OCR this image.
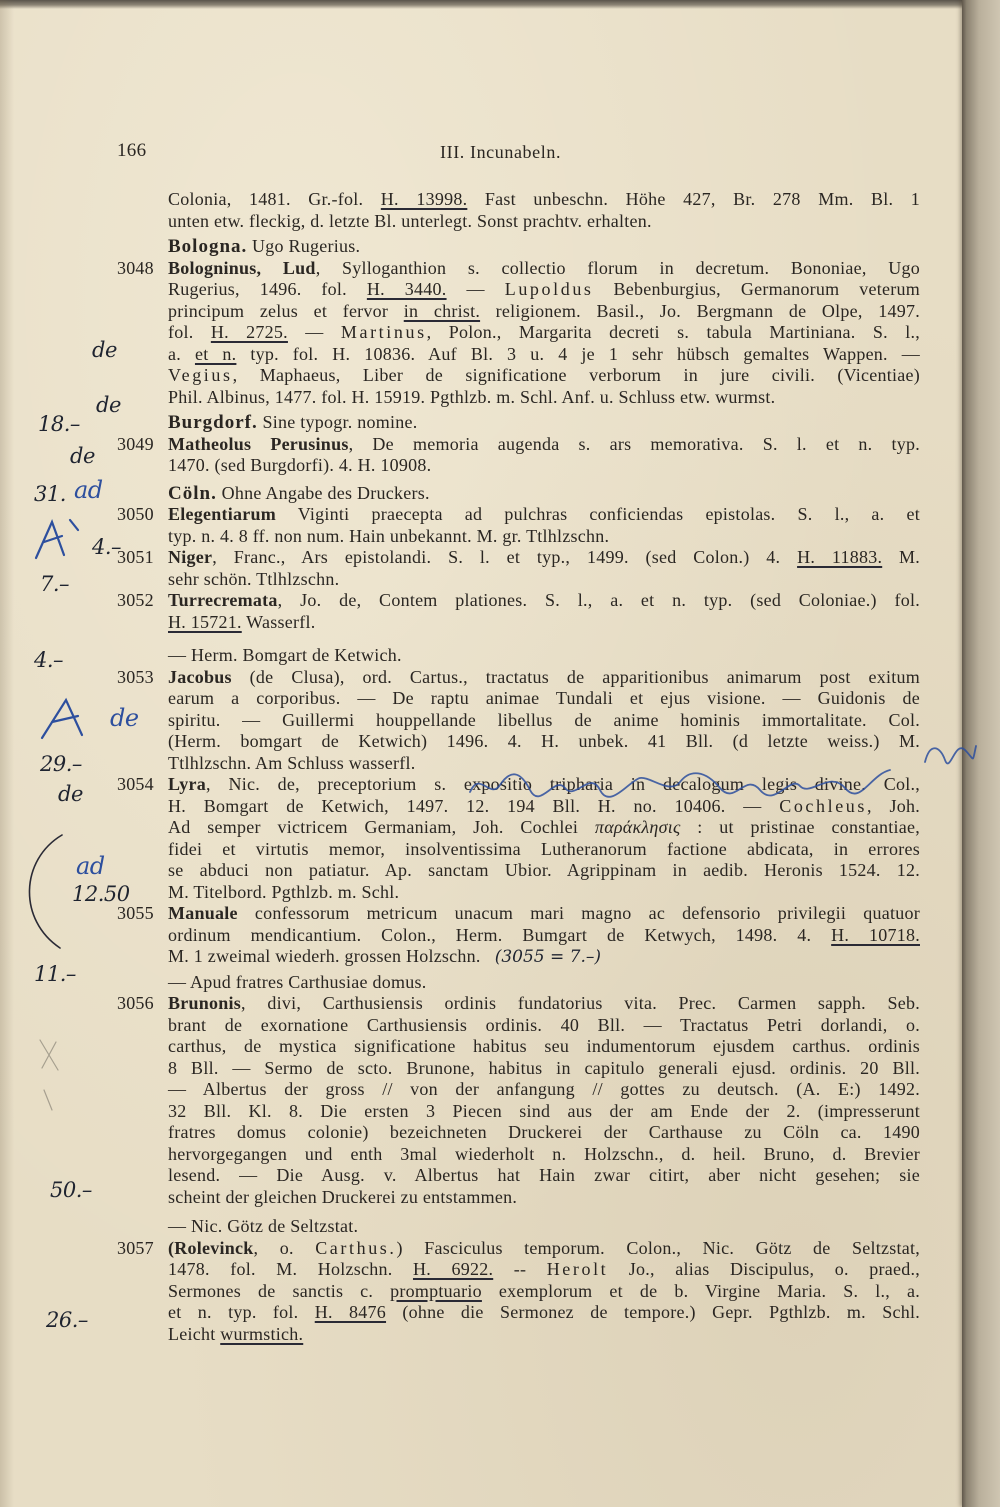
166	III. Incunabeln.
Colonia, 1481. Gr.-fol. H. 13998. Fast unbeschn. Höhe 427, Br. 278 Mm. Bl. 1
unten etw. fleckig, d. letzte Bl. unterlegt. Sonst prachtv. erhalten.
Bologna. Ugo Rugerius.
3048 Bologninus, Lud, Sylloganthion s. collectio florum in decretum. Bononiae, Ugo
Rugerius, 1496. fol. H. 3440. — Lupoldus Bebenburgius, Germanorum veterum
principum zelus et fervor in christ. religionem. Basil., Jo. Bergmann de Olpe, 1497.
fol. H. 2725. — Martinus, Polon., Margarita decreti s. tabula Martiniana. S. l.,
a. et n. typ. fol. H. 10836. Auf Bl. 3 u. 4 je 1 sehr hübsch gemaltes Wappen. —
Vegius, Maphaeus, Liber de significatione verborum in jure civili. (Vicentiae)
Phil. Albinus, 1477. fol. H. 15919. Pgthlzb. m. Schl. Anf. u. Schluss etw. wurmst.
Burgdorf. Sine typogr. nomine.
3049 Matheolus Perusinus, De memoria augenda s. ars memorativa. S. l. et n. typ.
1470. (sed Burgdorfi). 4. H. 10908.
Cöln. Ohne Angabe des Druckers.
3050 Elegentiarum Viginti praecepta ad pulchras conficiendas epistolas. S. l., a. et
typ. n. 4. 8 ff. non num. Hain unbekannt. M. gr. Ttlhlzschn.
3051 Niger, Franc., Ars epistolandi. S. l. et typ., 1499. (sed Colon.) 4. H. 11883. M.
sehr schön. Ttlhlzschn.
3052 Turrecremata, Jo. de, Contem plationes. S. l., a. et n. typ. (sed Coloniae.) fol.
H. 15721. Wasserfl.
— Herm. Bomgart de Ketwich.
3053 Jacobus (de Clusa), ord. Cartus., tractatus de apparitionibus animarum post exitum
earum a corporibus. — De raptu animae Tundali et ejus visione. — Guidonis de
spiritu. — Guillermi houppellande libellus de anime hominis immortalitate. Col.
(Herm. bomgart de Ketwich) 1496. 4. H. unbek. 41 Bll. (d letzte weiss.) M.
Ttlhlzschn. Am Schluss wasserfl.
3054 Lyra, Nic. de, preceptorium s. expositio tripharia in decalogum legis divine. Col.,
H. Bomgart de Ketwich, 1497. 12. 194 Bll. H. no. 10406. — Cochleus, Joh.
Ad semper victricem Germaniam, Joh. Cochlei παράκλησις : ut pristinae constantiae,
fidei et virtutis memor, insolventissima Lutheranorum factione abdicata, in errores
se abduci non patiatur. Ap. sanctam Ubior. Agrippinam in aedib. Heronis 1524. 12.
M. Titelbord. Pgthlzb. m. Schl.
3055 Manuale confessorum metricum unacum mari magno ac defensorio privilegii quatuor
ordinum mendicantium. Colon., Herm. Bumgart de Ketwych, 1498. 4. H. 10718.
M. 1 zweimal wiederh. grossen Holzschn. (3055 = 7.–)
— Apud fratres Carthusiae domus.
3056 Brunonis, divi, Carthusiensis ordinis fundatorius vita. Prec. Carmen sapph. Seb.
brant de exornatione Carthusiensis ordinis. 40 Bll. — Tractatus Petri dorlandi, o.
carthus, de mystica significatione habitus seu indumentorum ejusdem carthus. ordinis
8 Bll. — Sermo de scto. Brunone, habitus in capitulo generali ejusd. ordinis. 20 Bll.
— Albertus der gross // von der anfangung // gottes zu deutsch. (A. E:) 1492.
32 Bll. Kl. 8. Die ersten 3 Piecen sind aus der am Ende der 2. (impresserunt
fratres domus colonie) bezeichneten Druckerei der Carthause zu Cöln ca. 1490
hervorgegangen und enth 3mal wiederholt n. Holzschn., d. heil. Bruno, d. Brevier
lesend. — Die Ausg. v. Albertus hat Hain zwar citirt, aber nicht gesehen; sie
scheint der gleichen Druckerei zu entstammen.
— Nic. Götz de Seltzstat.
3057 (Rolevinck, o. Carthus.) Fasciculus temporum. Colon., Nic. Götz de Seltzstat,
1478. fol. M. Holzschn. H. 6922. -- Herolt Jo., alias Discipulus, o. praed.,
Sermones de sanctis c. promptuario exemplorum et de b. Virgine Maria. S. l., a.
et n. typ. fol. H. 8476 (ohne die Sermonez de tempore.) Gepr. Pgthlzb. m. Schl.
Leicht wurmstich.
de
de
18.–
de
31. ad
4.–
7.–
4.–
de
29.–
de
ad
12.50
11.–
50.–
26.–
